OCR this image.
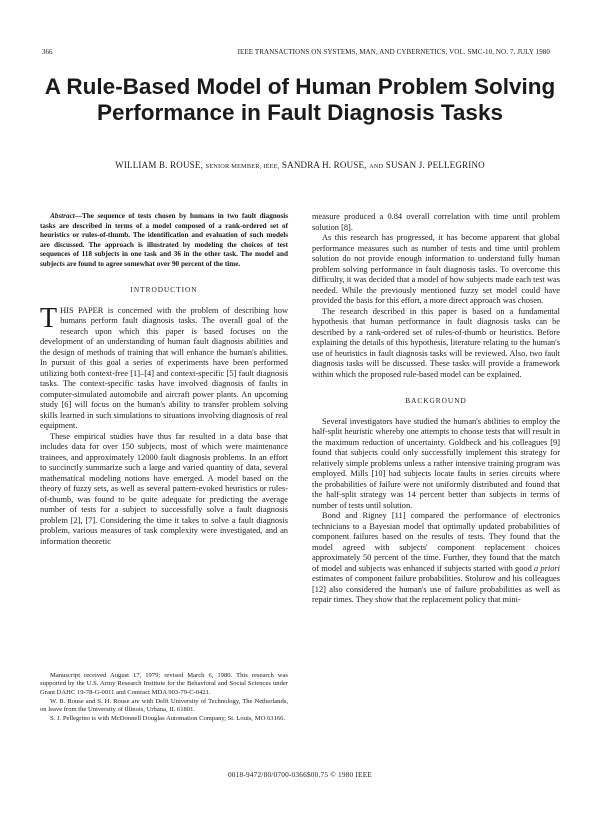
366	IEEE TRANSACTIONS ON SYSTEMS, MAN, AND CYBERNETICS, VOL. SMC-10, NO. 7, JULY 1980
A Rule-Based Model of Human Problem Solving Performance in Fault Diagnosis Tasks
WILLIAM B. ROUSE, SENIOR MEMBER, IEEE, SANDRA H. ROUSE, AND SUSAN J. PELLEGRINO

Abstract—The sequence of tests chosen by humans in two fault diagnosis tasks are described in terms of a model composed of a rank-ordered set of heuristics or rules-of-thumb. The identification and evaluation of such models are discussed. The approach is illustrated by modeling the choices of test sequences of 118 subjects in one task and 36 in the other task. The model and subjects are found to agree somewhat over 90 percent of the time.

INTRODUCTION

THIS PAPER is concerned with the problem of describing how humans perform fault diagnosis tasks. The overall goal of the research upon which this paper is based focuses on the development of an understanding of human fault diagnosis abilities and the design of methods of training that will enhance the human's abilities. In pursuit of this goal a series of experiments have been performed utilizing both context-free [1]–[4] and context-specific [5] fault diagnosis tasks. The context-specific tasks have involved diagnosis of faults in computer-simulated automobile and aircraft power plants. An upcoming study [6] will focus on the human's ability to transfer problem solving skills learned in such simulations to situations involving diagnosis of real equipment.

These empirical studies have thus far resulted in a data base that includes data for over 150 subjects, most of which were maintenance trainees, and approximately 12000 fault diagnosis problems. In an effort to succinctly summarize such a large and varied quantity of data, several mathematical modeling notions have emerged. A model based on the theory of fuzzy sets, as well as several pattern-evoked heuristics or rules-of-thumb, was found to be quite adequate for predicting the average number of tests for a subject to successfully solve a fault diagnosis problem [2], [7]. Considering the time it takes to solve a fault diagnosis problem, various measures of task complexity were investigated, and an information theoretic

Manuscript received August 17, 1979; revised March 6, 1980. This research was supported by the U.S. Army Research Institute for the Behavioral and Social Sciences under Grant DAHC 19-78-G-0011 and Contract MDA 903-79-C-0421.

W. B. Rouse and S. H. Rouse are with Delft University of Technology, The Netherlands, on leave from the University of Illinois, Urbana, IL 61801.

S. J. Pellegrino is with McDonnell Douglas Automation Company, St. Louis, MO 63166.

measure produced a 0.84 overall correlation with time until problem solution [8].

As this research has progressed, it has become apparent that global performance measures such as number of tests and time until problem solution do not provide enough information to understand fully human problem solving performance in fault diagnosis tasks. To overcome this difficulty, it was decided that a model of how subjects made each test was needed. While the previously mentioned fuzzy set model could have provided the basis for this effort, a more direct approach was chosen.

The research described in this paper is based on a fundamental hypothesis that human performance in fault diagnosis tasks can be described by a rank-ordered set of rules-of-thumb or heuristics. Before explaining the details of this hypothesis, literature relating to the human's use of heuristics in fault diagnosis tasks will be reviewed. Also, two fault diagnosis tasks will be discussed. These tasks will provide a framework within which the proposed rule-based model can be explained.

BACKGROUND

Several investigators have studied the human's abilities to employ the half-split heuristic whereby one attempts to choose tests that will result in the maximum reduction of uncertainty. Goldbeck and his colleagues [9] found that subjects could only successfully implement this strategy for relatively simple problems unless a rather intensive training program was employed. Mills [10] had subjects locate faults in series circuits where the probabilities of failure were not uniformly distributed and found that the half-split strategy was 14 percent better than subjects in terms of number of tests until solution.

Bond and Rigney [11] compared the performance of electronics technicians to a Bayesian model that optimally updated probabilities of component failures based on the results of tests. They found that the model agreed with subjects' component replacement choices approximately 50 percent of the time. Further, they found that the match of model and subjects was enhanced if subjects started with good a priori estimates of component failure probabilities. Stolurow and his colleagues [12] also considered the human's use of failure probabilities as well as repair times. They show that the replacement policy that mini-

0018-9472/80/0700-0366$00.75 © 1980 IEEE
